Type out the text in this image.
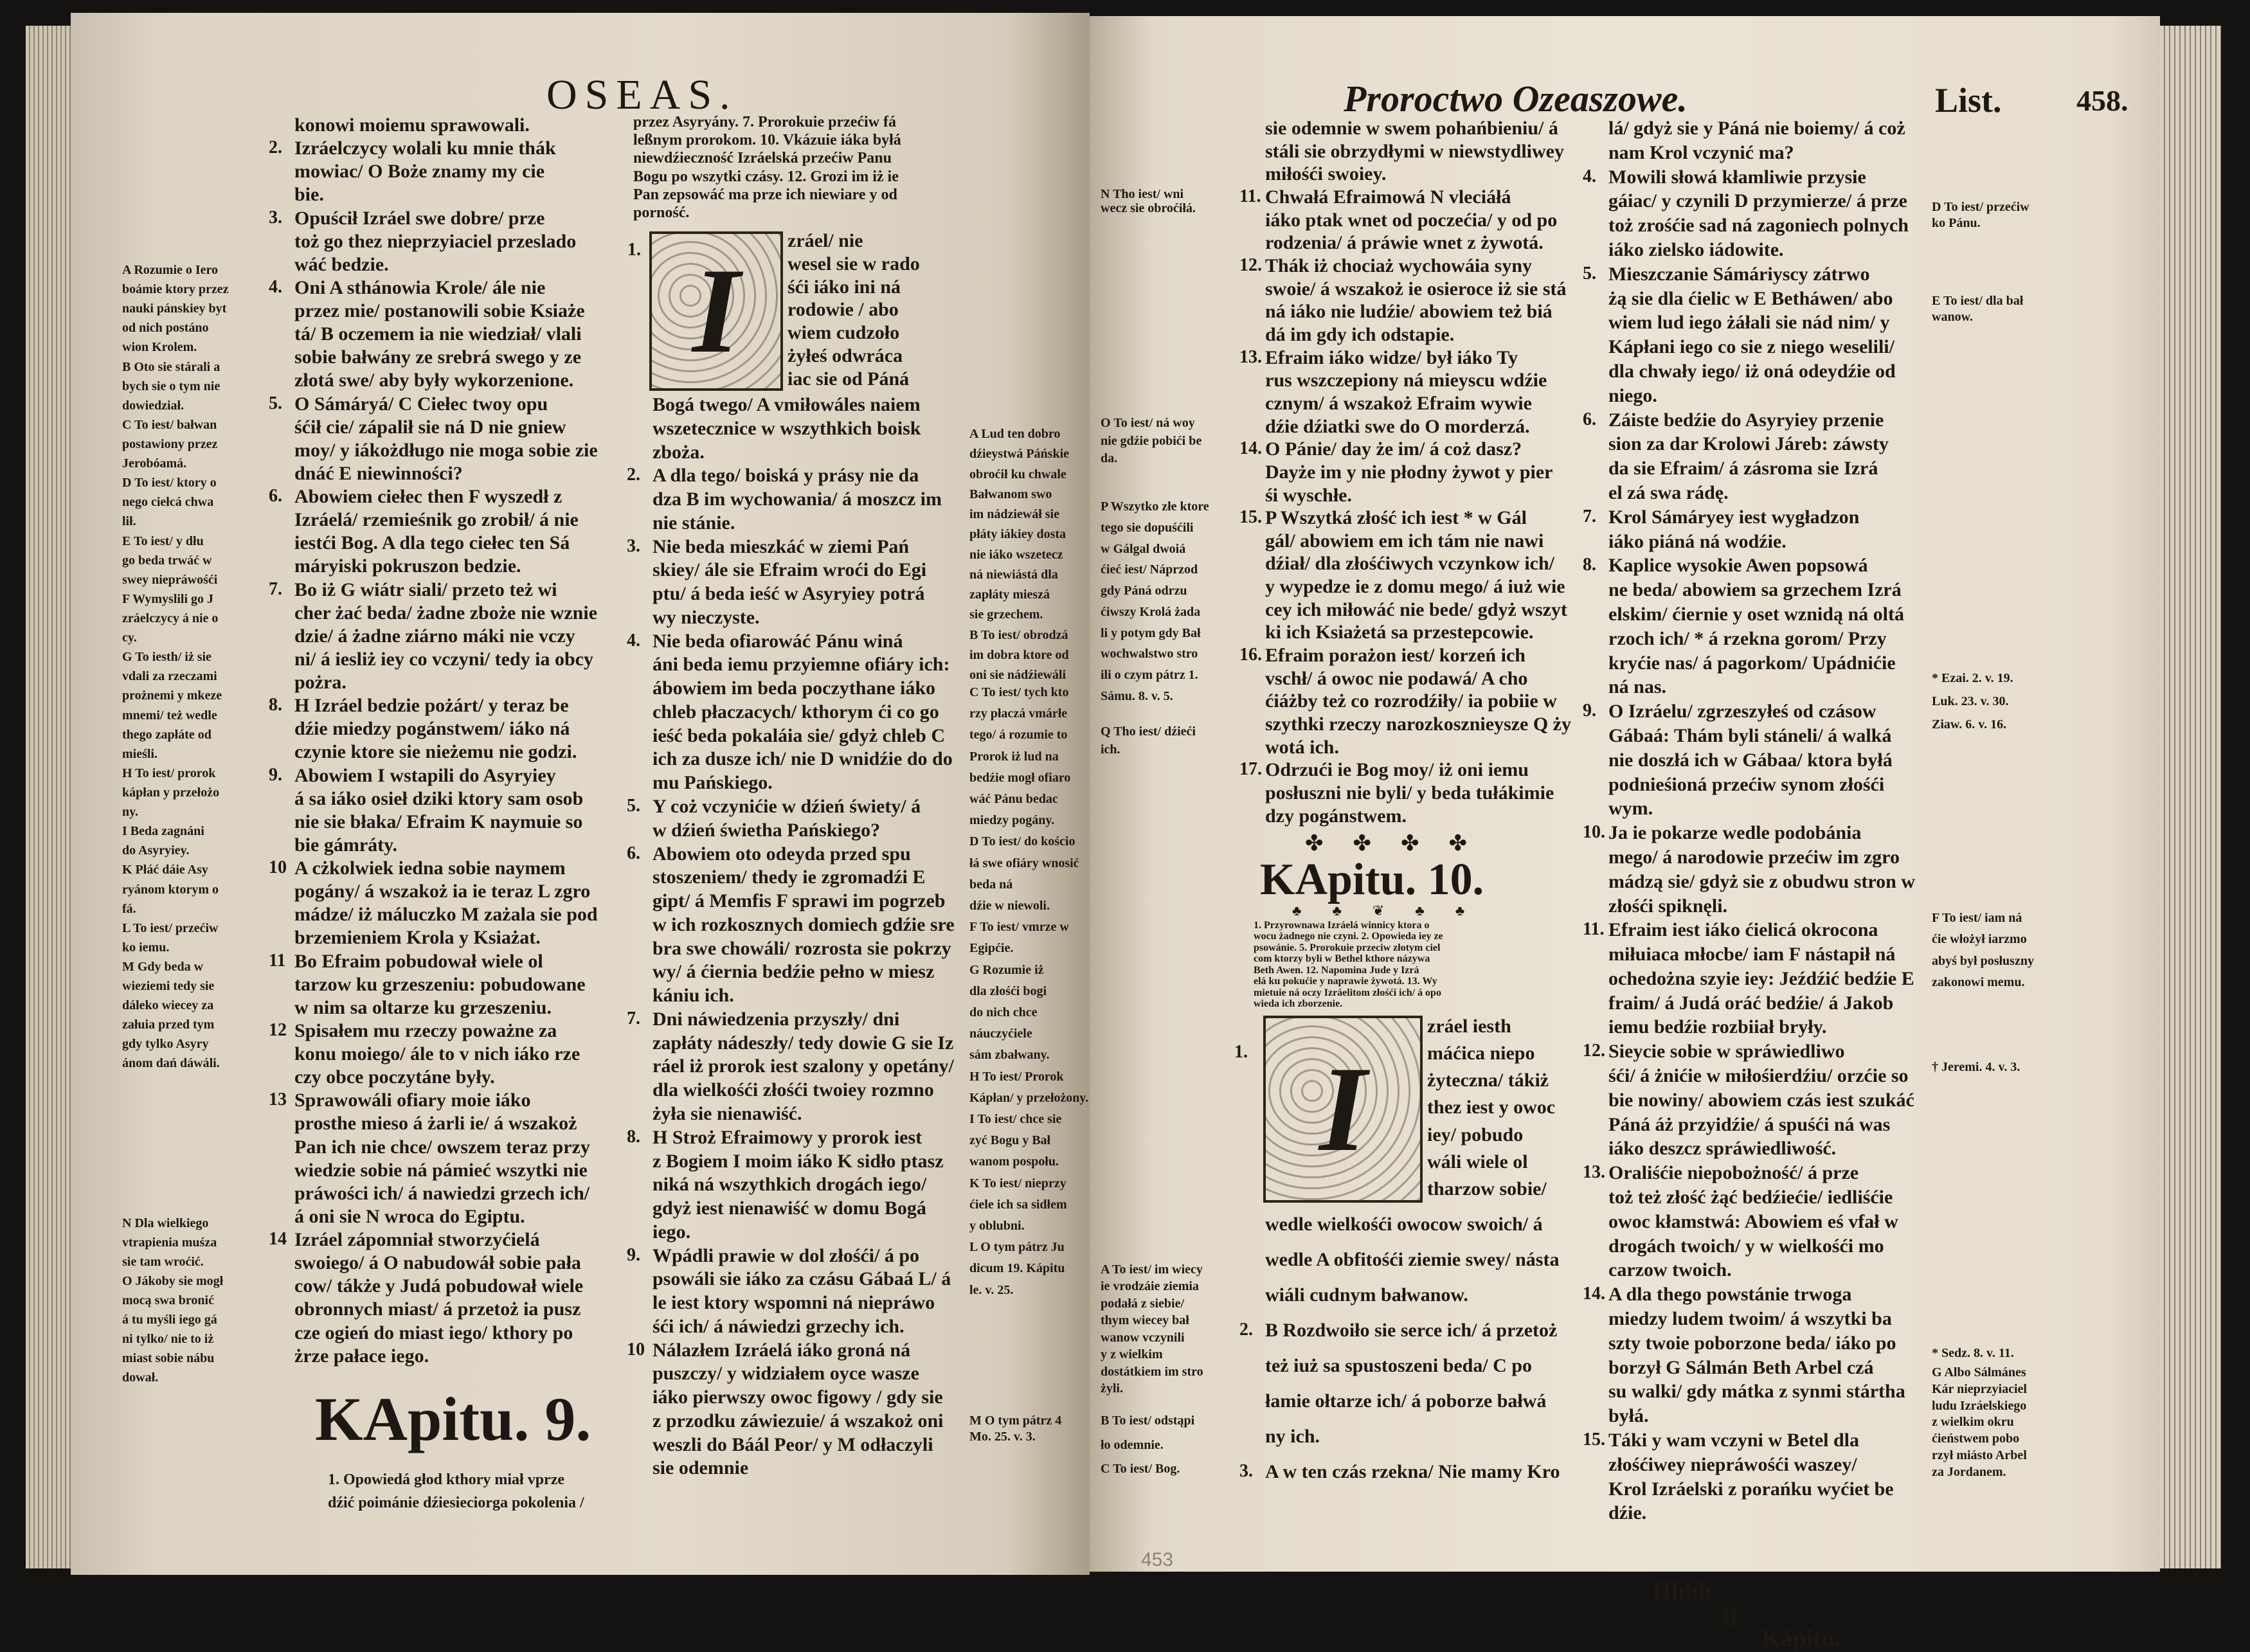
OSEAS.
konowi moiemu sprawowali.
2. Izráelczycy wolali ku mnie thák
mowiac/ O Boże znamy my cie
bie.
3. Opuścił Izráel swe dobre/ prze
toż go thez nieprzyiaciel przeslado
wáć bedzie.
4. Oni A sthánowia Krole/ ále nie
przez mie/ postanowili sobie Ksiaże
tá/ B oczemem ia nie wiedział/ vlali
sobie bałwány ze srebrá swego y ze
złotá swe/ aby były wykorzenione.
5. O Sámáryá/ C Ciełec twoy opu
śćił cie/ zápalił sie ná D nie gniew
moy/ y iákożdługo nie moga sobie zie
dnáć E niewinności?
6. Abowiem ciełec then F wyszedł z
Izráelá/ rzemieśnik go zrobił/ á nie
iestći Bog. A dla tego ciełec ten Sá
máryiski pokruszon bedzie.
7. Bo iż G wiátr siali/ przeto też wi
cher żać beda/ żadne zboże nie wznie
dzie/ á żadne ziárno máki nie vczy
ni/ á iesliż iey co vczyni/ tedy ia obcy
pożra.
8. H Izráel bedzie pożárt/ y teraz be
dźie miedzy pogánstwem/ iáko ná
czynie ktore sie nieżemu nie godzi.
9. Abowiem I wstapili do Asyryiey
á sa iáko osieł dziki ktory sam osob
nie sie błaka/ Efraim K naymuie so
bie gámráty.
10 A cżkolwiek iedna sobie naymem
pogány/ á wszakoż ia ie teraz L zgro
mádze/ iż máluczko M zażala sie pod
brzemieniem Krola y Ksiażat.
11 Bo Efraim pobudował wiele ol
tarzow ku grzeszeniu: pobudowane
w nim sa oltarze ku grzeszeniu.
12 Spisałem mu rzeczy poważne za
konu moiego/ ále to v nich iáko rze
czy obce poczytáne były.
13 Sprawowáli ofiary moie iáko
prosthe mieso á żarli ie/ á wszakoż
Pan ich nie chce/ owszem teraz przy
wiedzie sobie ná pámieć wszytki nie
práwości ich/ á nawiedzi grzech ich/
á oni sie N wroca do Egiptu.
14 Izráel zápomniał stworzyćielá
swoiego/ á O nabudowáł sobie pała
cow/ tákże y Judá pobudował wiele
obronnych miast/ á przetoż ia pusz
cze ogień do miast iego/ kthory po
żrze pałace iego.
KApitu. 9.
1. Opowiedá głod kthory miał vprze
dźić poimánie dźiesieciorga pokolenia /
A Rozumie o Iero
boámie ktory przez
nauki pánskiey byt
od nich postáno
wion Krolem.
B Oto sie stárali a
bych sie o tym nie
dowiedział.
C To iest/ bałwan
postawiony przez
Jerobóamá.
D To iest/ ktory o
nego ciełcá chwa
lił.
E To iest/ y dłu
go beda trwáć w
swey niepráwośći
F Wymyslili go J
zráelczycy á nie o
cy.
G To iesth/ iż sie
vdali za rzeczami
prożnemi y mkeze
mnemi/ też wedle
thego zapłáte od
mieśli.
H To iest/ prorok
kápłan y przełożo
ny.
I Beda zagnáni
do Asyryiey.
K Płáć dáie Asy
ryánom ktorym o
fá.
L To iest/ przećiw
ko iemu.
M Gdy beda w
wieziemi tedy sie
dáleko wiecey za
załuia przed tym
gdy tylko Asyry
ánom dań dáwáli.
N Dla wielkiego
vtrapienia muśza
sie tam wroćić.
O Jákoby sie mogł
mocą swa bronić
á tu myśli iego gá
ni tylko/ nie to iż
miast sobie nábu
dował.
przez Asyryány. 7. Prorokuie przećiw fá
leßnym prorokom. 10. Vkázuie iáka byłá
niewdźieczność Izráelská przećiw Panu
Bogu po wszytki czásy. 12. Grozi im iż ie
Pan zepsowáć ma prze ich niewiare y od
porność.
1. I
zráel/ nie
wesel sie w rado
śći iáko ini ná
rodowie / abo
wiem cudzoło
żyłeś odwráca
iac sie od Páná
Bogá twego/ A vmiłowáles naiem
wszetecznice w wszythkich boisk
zboża.
2. A dla tego/ boiská y prásy nie da
dza B im wychowania/ á moszcz im
nie stánie.
3. Nie beda mieszkáć w ziemi Pań
skiey/ ále sie Efraim wroći do Egi
ptu/ á beda ieść w Asyryiey potrá
wy nieczyste.
4. Nie beda ofiarowáć Pánu winá
áni beda iemu przyiemne ofiáry ich:
ábowiem im beda poczythane iáko
chleb płaczacych/ kthorym ći co go
ieść beda pokaláia sie/ gdyż chleb C
ich za dusze ich/ nie D wnidźie do do
mu Pańskiego.
5. Y coż vczynićie w dźień świety/ á
w dźień świetha Pańskiego?
6. Abowiem oto odeyda przed spu
stoszeniem/ thedy ie zgromadźi E
gipt/ á Memfis F sprawi im pogrzeb
w ich rozkosznych domiech gdźie sre
bra swe chowáli/ rozrosta sie pokrzy
wy/ á ćiernia bedźie pełno w miesz
kániu ich.
7. Dni náwiedzenia przyszły/ dni
zapłáty nádeszły/ tedy dowie G sie Iz
ráel iż prorok iest szalony y opetány/
dla wielkośći złośći twoiey rozmno
żyła sie nienawiść.
8. H Stroż Efraimowy y prorok iest
z Bogiem I moim iáko K sidło ptasz
niká ná wszythkich drogách iego/
gdyż iest nienawiść w domu Bogá
iego.
9. Wpádli prawie w dol złośći/ á po
psowáli sie iáko za czásu Gábaá L/ á
le iest ktory wspomni ná niepráwo
śći ich/ á náwiedzi grzechy ich.
10 Nálazłem Izráelá iáko groná ná
puszczy/ y widziałem oyce wasze
iáko pierwszy owoc figowy / gdy sie
z przodku záwiezuie/ á wszakoż oni
weszli do Báál Peor/ y M odłaczyli
sie odemnie
A Lud ten dobro
dźieystwá Páńskie
obroćił ku chwale
Bałwanom swo
im nádziewáł sie
płáty iákiey dosta
nie iáko wszetecz
ná niewiástá dla
zapłáty mieszá
sie grzechem.
B To iest/ obrodzá
im dobra ktore od
oni sie nádźiewáli
C To iest/ tych kto
rzy płaczá vmárłe
tego/ á rozumie to
Prorok iż lud na
bedźie mogł ofiaro
wáć Pánu bedac
miedzy pogány.
D To iest/ do kościo
łá swe ofiáry wnosić
beda ná
dźie w niewoli.
F To iest/ vmrze w
Egipćie.
G Rozumie iż
dla złośći bogi
do nich chce
náuczyćiele
sám zbałwany.
H To iest/ Prorok
Kápłan/ y przełożony.
I To iest/ chce sie
zyć Bogu y Bał
wanom pospołu.
K To iest/ nieprzy
ćiele ich sa sidłem
y oblubni.
L O tym pátrz Ju
dicum 19. Kápitu
le. v. 25.
M O tym pátrz 4
Mo. 25. v. 3.
Proroctwo Ozeaszowe.	List.	458.
sie odemnie w swem pohańbieniu/ á
stáli sie obrzydłymi w niewstydliwey
miłośći swoiey.
11. Chwałá Efraimowá N vleciáłá
iáko ptak wnet od poczećia/ y od po
rodzenia/ á práwie wnet z żywotá.
12. Thák iż chociaż wychowáia syny
swoie/ á wszakoż ie osieroce iż sie stá
ná iáko nie ludźie/ abowiem też biá
dá im gdy ich odstapie.
13. Efraim iáko widze/ był iáko Ty
rus wszczepiony ná mieyscu wdźie
cznym/ á wszakoż Efraim wywie
dźie dźiatki swe do O morderzá.
14. O Pánie/ day że im/ á coż dasz?
Dayże im y nie płodny żywot y pier
śi wyschłe.
15. P Wszytká złość ich iest * w Gál
gál/ abowiem em ich tám nie nawi
dźiał/ dla złośćiwych vczynkow ich/
y wypedze ie z domu mego/ á iuż wie
cey ich miłowáć nie bede/ gdyż wszyt
ki ich Ksiażetá sa przestepcowie.
16. Efraim porażon iest/ korzeń ich
vschł/ á owoc nie podawá/ A cho
ćiáżby też co rozrodźiły/ ia pobiie w
szythki rzeczy narozkosznieysze Q ży
wotá ich.
17. Odrzući ie Bog moy/ iż oni iemu
posłuszni nie byli/ y beda tułákimie
dzy pogánstwem.
✤✤✤✤
KApitu. 10.
♣♣❦♣♣
1. Przyrownawa Izráelá winnicy ktora o
wocu żadnego nie czyni. 2. Opowieda iey ze
psowánie. 5. Prorokuie przeciw złotym ciel
com ktorzy byli w Bethel kthore názywa
Beth Awen. 12. Napomina Jude y Izrá
elá ku pokućie y naprawie żywotá. 13. Wy
mietuie ná oczy Izráelitom złośći ich/ á opo
wieda ich zborzenie.
1. I
zráel iesth
máćica niepo
żyteczna/ tákiż
thez iest y owoc
iey/ pobudo
wáli wiele ol
tharzow sobie/
wedle wielkośći owocow swoich/ á
wedle A obfitośći ziemie swey/ násta
wiáli cudnym bałwanow.
2. B Rozdwoiło sie serce ich/ á przetoż
też iuż sa spustoszeni beda/ C po
łamie ołtarze ich/ á poborze bałwá
ny ich.
3. A w ten czás rzekna/ Nie mamy Kro
lá/ gdyż sie y Páná nie boiemy/ á coż
nam Krol vczynić ma?
4. Mowili słowá kłamliwie przysie
gáiac/ y czynili D przymierze/ á prze
toż zrośćie sad ná zagoniech polnych
iáko zielsko iádowite.
5. Mieszczanie Sámáriyscy zátrwo
żą sie dla ćielic w E Betháwen/ abo
wiem lud iego żáłali sie nád nim/ y
Kápłani iego co sie z niego weselili/
dla chwały iego/ iż oná odeydźie od
niego.
6. Záiste bedźie do Asyryiey przenie
sion za dar Krolowi Járeb: záwsty
da sie Efraim/ á zásroma sie Izrá
el zá swa rádę.
7. Krol Sámáryey iest wygładzon
iáko piáná ná wodźie.
8. Kaplice wysokie Awen popsowá
ne beda/ abowiem sa grzechem Izrá
elskim/ ćiernie y oset wznidą ná oltá
rzoch ich/ * á rzekna gorom/ Przy
kryćie nas/ á pagorkom/ Upádnićie
ná nas.
9. O Izráelu/ zgrzeszyłeś od czásow
Gábaá: Thám byli stáneli/ á walká
nie doszłá ich w Gábaa/ ktora byłá
podnieśioná przećiw synom złośći
wym.
10. Ja ie pokarze wedle podobánia
mego/ á narodowie przećiw im zgro
mádzą sie/ gdyż sie z obudwu stron w
złośći spiknęli.
11. Efraim iest iáko ćielicá okrocona
miłuiaca młocbe/ iam F nástapił ná
ochedożna szyie iey: Jeźdźić bedźie E
fraim/ á Judá oráć bedźie/ á Jakob
iemu bedźie rozbiiał bryły.
12. Sieycie sobie w spráwiedliwo
śći/ á żnićie w miłośierdźiu/ orzćie so
bie nowiny/ abowiem czás iest szukáć
Páná áż przyidźie/ á spuśći ná was
iáko deszcz spráwiedliwość.
13. Oraliśćie niepobożność/ á prze
toż też złość żąć bedźiećie/ iedliśćie
owoc kłamstwá: Abowiem eś vfał w
drogách twoich/ y w wielkośći mo
carzow twoich.
14. A dla thego powstánie trwoga
miedzy ludem twoim/ á wszytki ba
szty twoie poborzone beda/ iáko po
borzył G Sálmán Beth Arbel czá
su walki/ gdy mátka z synmi stártha
byłá.
15. Táki y wam vczyni w Betel dla
złośćiwey niepráwośći waszey/
Krol Izráelski z porańku wyćiet be
dźie.
Hhhh
ij
Kápitu.
453
N Tho iest/ wni
wecz sie obroćiłá.
O To iest/ ná woy
nie gdźie pobići be
da.
P Wszytko złe ktore
tego sie dopuśćili
w Gálgal dwoiá
ćieć iest/ Náprzod
gdy Páná odrzu
ćiwszy Krolá żada
li y potym gdy Bał
wochwalstwo stro
ili o czym pátrz 1.
Sámu. 8. v. 5.
Q Tho iest/ dźieći
ich.
A To iest/ im wiecy
ie vrodzáie ziemia
podałá z siebie/
thym wiecey bał
wanow vczynili
y z wielkim
dostátkiem im stro
żyli.
B To iest/ odstąpi
ło odemnie.
C To iest/ Bog.
D To iest/ przećiw
ko Pánu.
E To iest/ dla bał
wanow.
* Ezai. 2. v. 19.
Luk. 23. v. 30.
Ziaw. 6. v. 16.
F To iest/ iam ná
ćie włożył iarzmo
abyś był posłuszny
zakonowi memu.
† Jeremi. 4. v. 3.
* Sedz. 8. v. 11.
G Albo Sálmánes
Kár nieprzyiaciel
ludu Izráelskiego
z wielkim okru
ćieństwem pobo
rzył miásto Arbel
za Jordanem.
